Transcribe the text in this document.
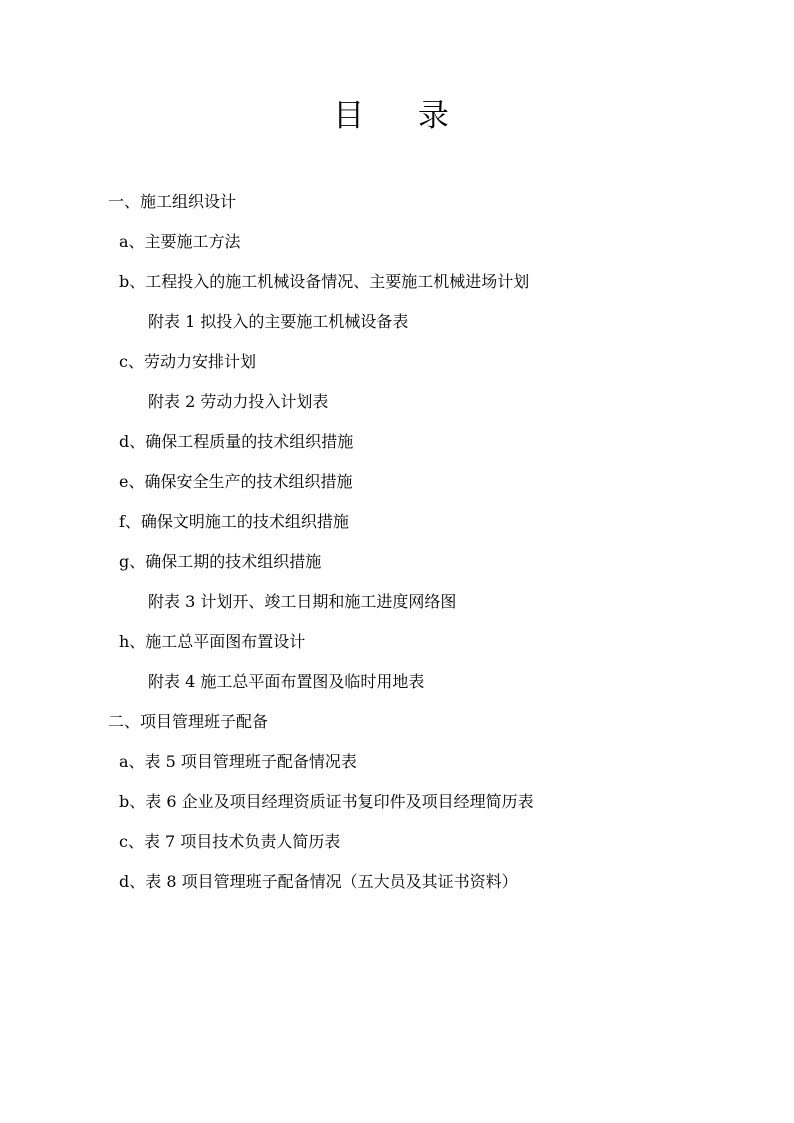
目 录
一、施工组织设计
a、主要施工方法
b、工程投入的施工机械设备情况、主要施工机械进场计划
附表 1 拟投入的主要施工机械设备表
c、劳动力安排计划
附表 2 劳动力投入计划表
d、确保工程质量的技术组织措施
e、确保安全生产的技术组织措施
f、确保文明施工的技术组织措施
g、确保工期的技术组织措施
附表 3 计划开、竣工日期和施工进度网络图
h、施工总平面图布置设计
附表 4 施工总平面布置图及临时用地表
二、项目管理班子配备
a、表 5 项目管理班子配备情况表
b、表 6 企业及项目经理资质证书复印件及项目经理简历表
c、表 7 项目技术负责人简历表
d、表 8 项目管理班子配备情况（五大员及其证书资料）
